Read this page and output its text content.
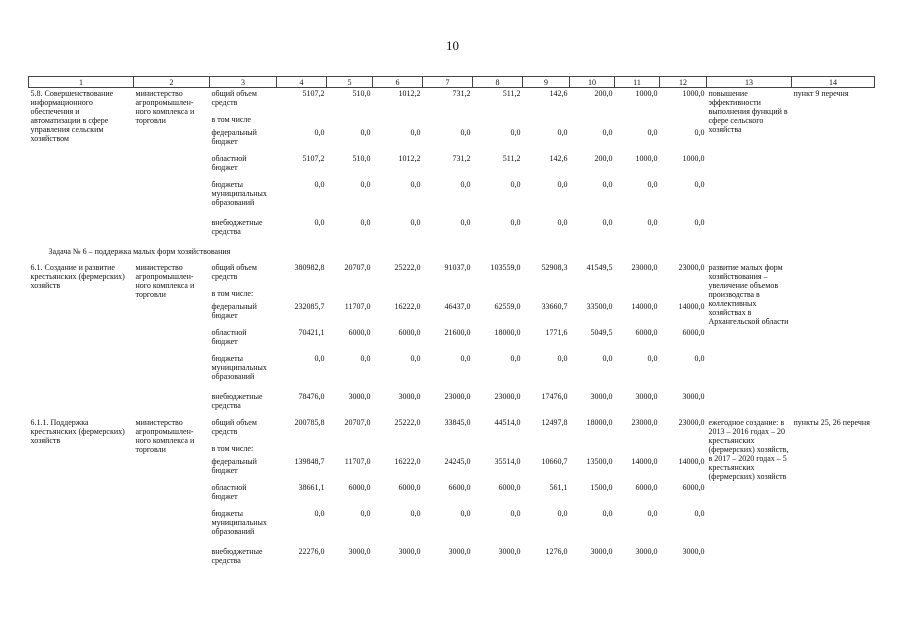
10
1	2	3	4	5	6	7	8	9	10	11	12	13	14
5.8. Совершенствование информационного обеспечения и автоматизации в сфере управления сельским хозяйством	министерство агропромышлен-ного комплекса и торговли	общий объем средств	5107,2	510,0	1012,2	731,2	511,2	142,6	200,0	1000,0	1000,0	повышение эффективности выполнения функций в сфере сельского хозяйства	пункт 9 перечня
		в том числе											
		федеральный бюджет	0,0	0,0	0,0	0,0	0,0	0,0	0,0	0,0	0,0		
		областной бюджет	5107,2	510,0	1012,2	731,2	511,2	142,6	200,0	1000,0	1000,0		
		бюджеты муниципальных образований	0,0	0,0	0,0	0,0	0,0	0,0	0,0	0,0	0,0		
		внебюджетные средства	0,0	0,0	0,0	0,0	0,0	0,0	0,0	0,0	0,0		
Задача № 6 – поддержка малых форм хозяйствования													
6.1. Создание и развитие крестьянских (фермерских) хозяйств	министерство агропромышлен-ного комплекса и торговли	общий объем средств	380982,8	20707,0	25222,0	91037,0	103559,0	52908,3	41549,5	23000,0	23000,0	развитие малых форм хозяйствования – увеличение объемов производства в коллективных хозяйствах в Архангельской области	
		в том числе:											
		федеральный бюджет	232085,7	11707,0	16222,0	46437,0	62559,0	33660,7	33500,0	14000,0	14000,0		
		областной бюджет	70421,1	6000,0	6000,0	21600,0	18000,0	1771,6	5049,5	6000,0	6000,0		
		бюджеты муниципальных образований	0,0	0,0	0,0	0,0	0,0	0,0	0,0	0,0	0,0		
		внебюджетные средства	78476,0	3000,0	3000,0	23000,0	23000,0	17476,0	3000,0	3000,0	3000,0		
6.1.1. Поддержка крестьянских (фермерских) хозяйств	министерство агропромышлен-ного комплекса и торговли	общий объем средств	200785,8	20707,0	25222,0	33845,0	44514,0	12497,8	18000,0	23000,0	23000,0	ежегодное создание: в 2013 – 2016 годах – 20 крестьянских (фермерских) хозяйств, в 2017 – 2020 годах – 5 крестьянских (фермерских) хозяйств	пункты 25, 26 перечня
		в том числе:											
		федеральный бюджет	139848,7	11707,0	16222,0	24245,0	35514,0	10660,7	13500,0	14000,0	14000,0		
		областной бюджет	38661,1	6000,0	6000,0	6600,0	6000,0	561,1	1500,0	6000,0	6000,0		
		бюджеты муниципальных образований	0,0	0,0	0,0	0,0	0,0	0,0	0,0	0,0	0,0		
		внебюджетные средства	22276,0	3000,0	3000,0	3000,0	3000,0	1276,0	3000,0	3000,0	3000,0		
